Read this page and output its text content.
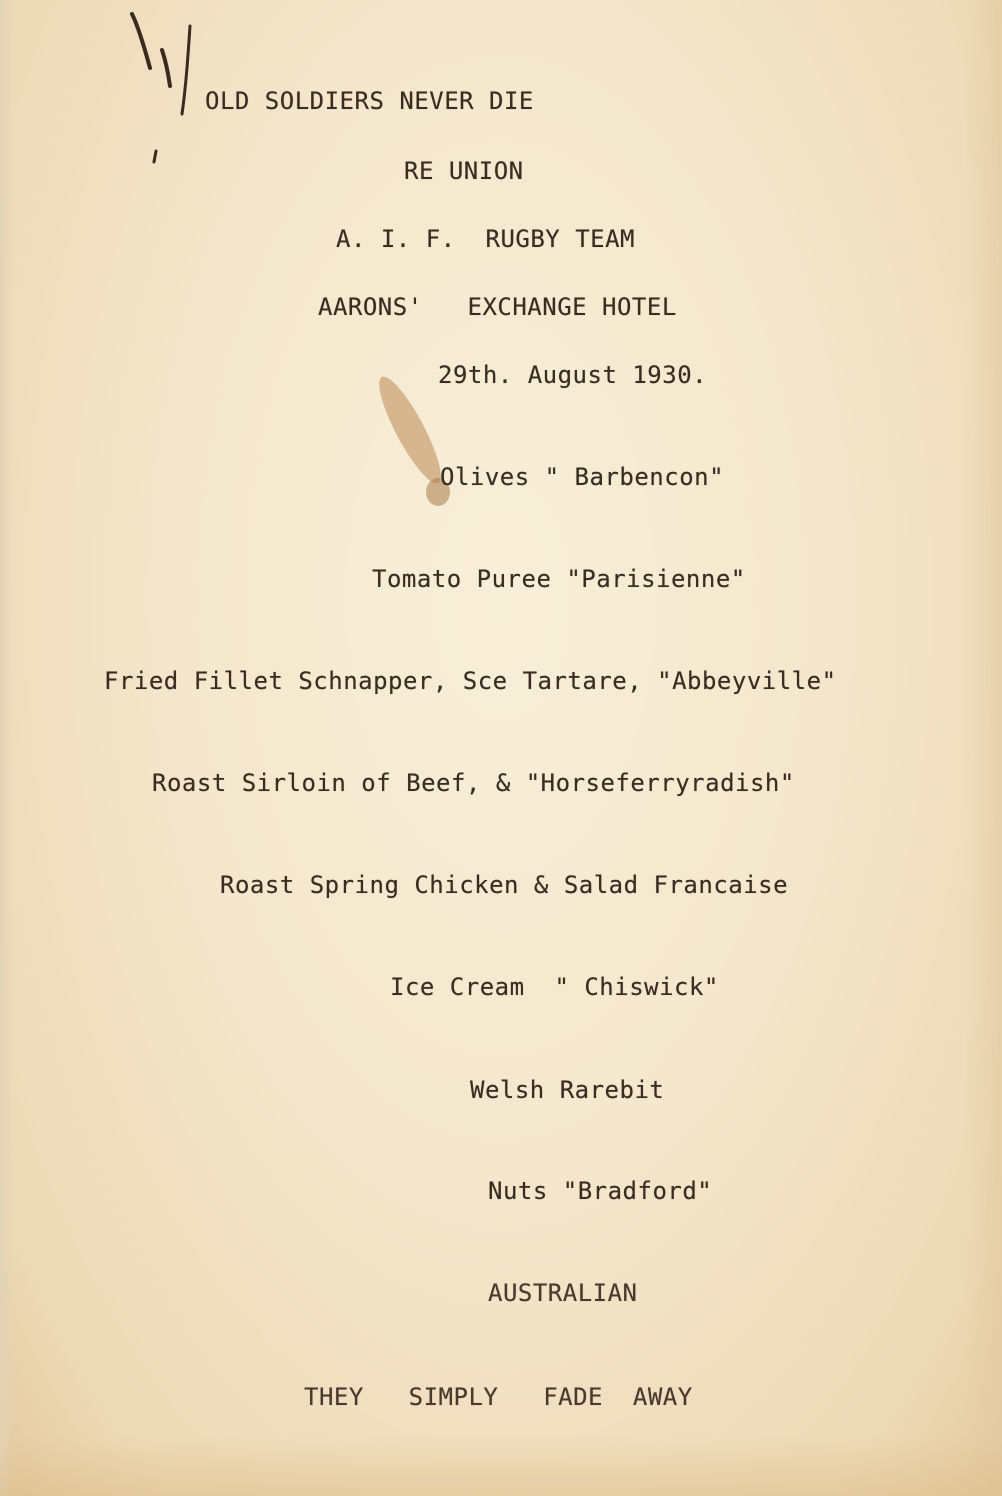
OLD SOLDIERS NEVER DIE
RE UNION
A. I. F.  RUGBY TEAM
AARONS'   EXCHANGE HOTEL
29th. August 1930.
Olives " Barbencon"
Tomato Puree "Parisienne"
Fried Fillet Schnapper, Sce Tartare, "Abbeyville"
Roast Sirloin of Beef, & "Horseferryradish"
Roast Spring Chicken & Salad Francaise
Ice Cream  " Chiswick"
Welsh Rarebit
Nuts "Bradford"
AUSTRALIAN
THEY   SIMPLY   FADE  AWAY
